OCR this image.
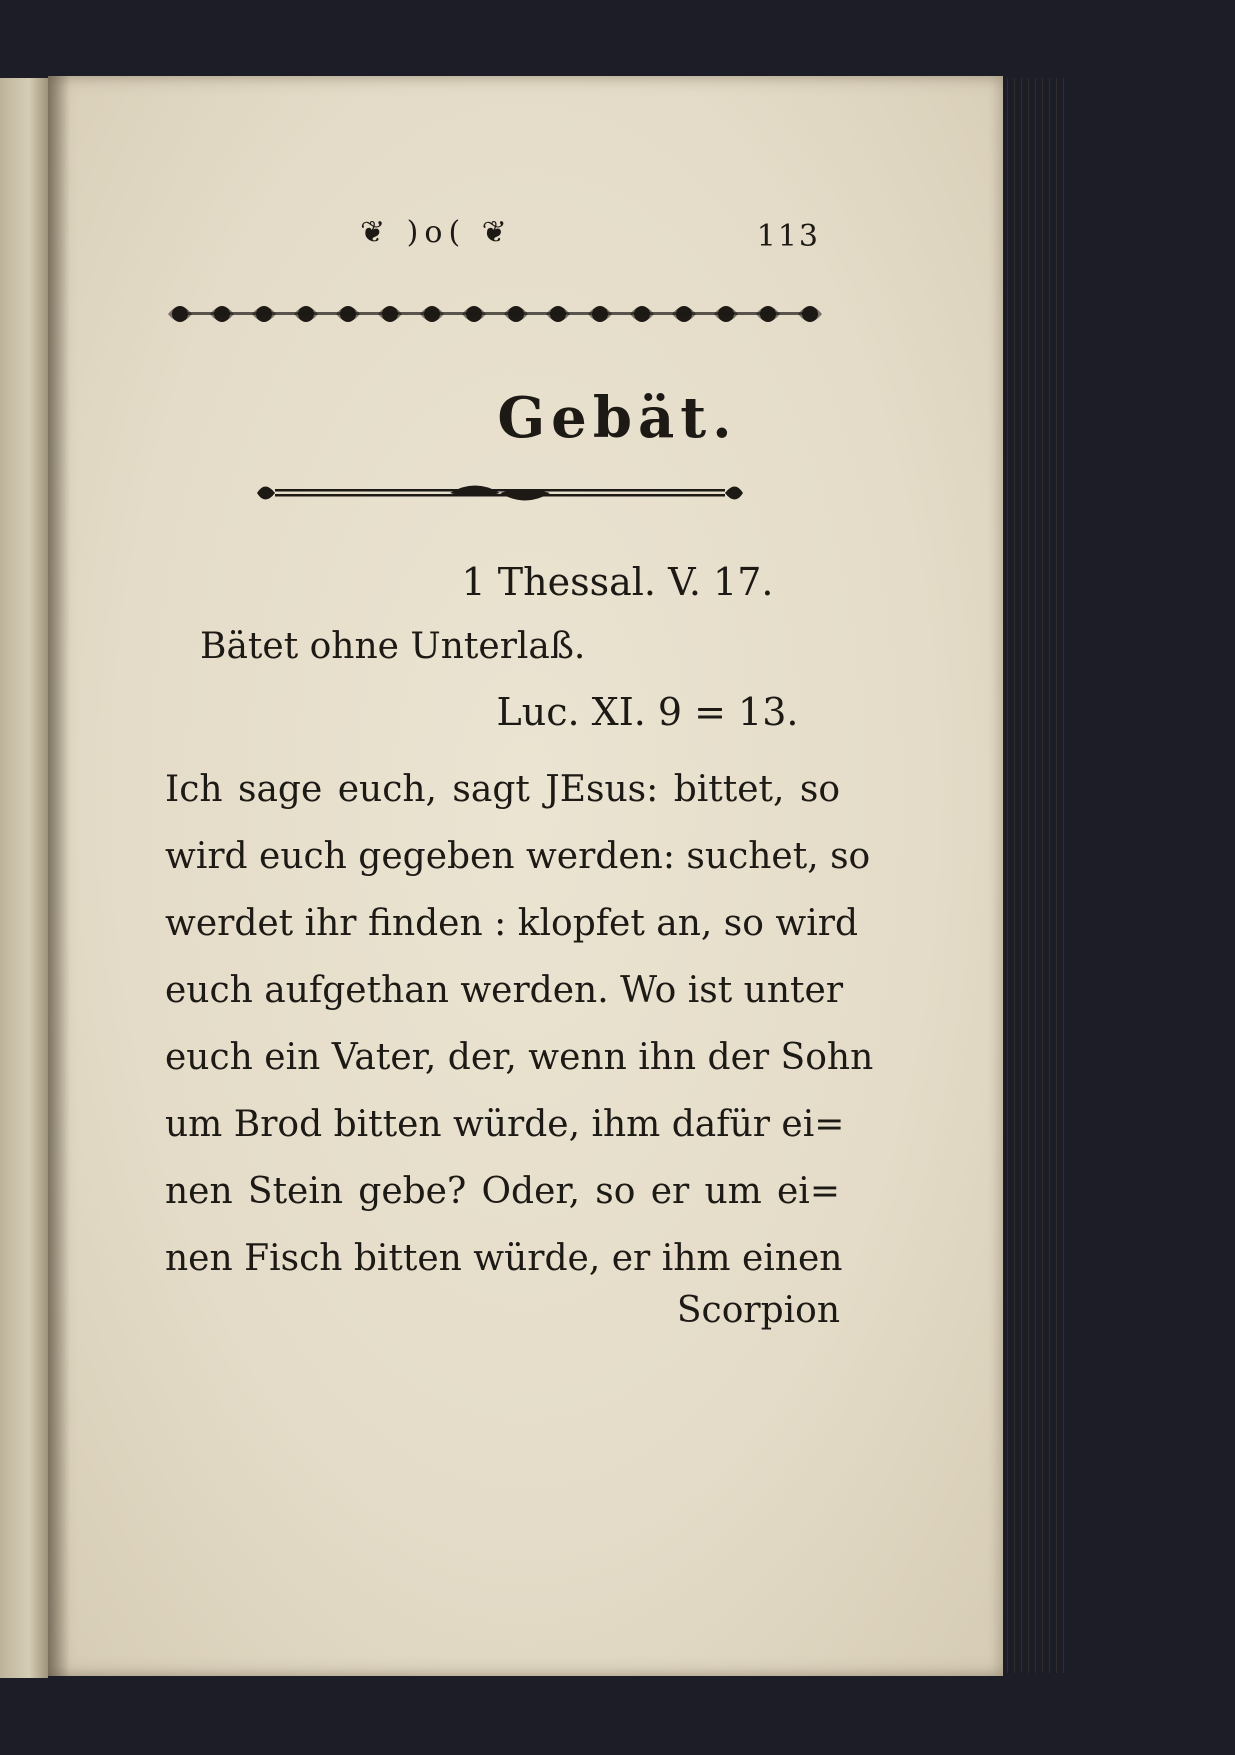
❦ )o( ❦	113
Gebät.
1 Thessal. V. 17.
Bätet ohne Unterlaß.
Luc. XI. 9 = 13.
Ich sage euch, sagt JEsus: bittet, so
wird euch gegeben werden: suchet, so
werdet ihr finden : klopfet an, so wird
euch aufgethan werden. Wo ist unter
euch ein Vater, der, wenn ihn der Sohn
um Brod bitten würde, ihm dafür ei=
nen Stein gebe? Oder, so er um ei=
nen Fisch bitten würde, er ihm einen
Scorpion
